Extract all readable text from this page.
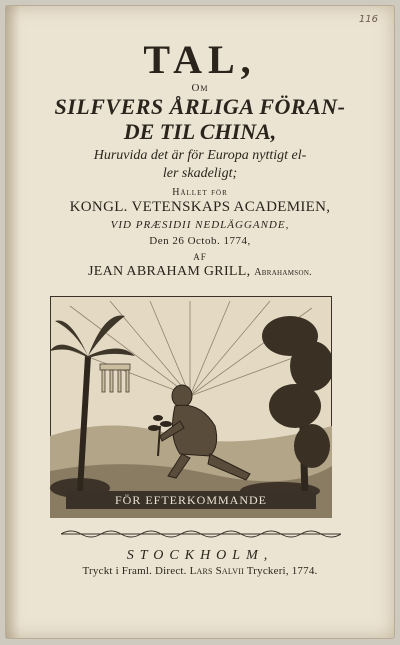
116
TAL,
Om
SILFVERS ÅRLIGA FÖRAN-
DE TIL CHINA,
Huruvida det är för Europa nyttigt el-
ler skadeligt;
Hållet för
KONGL. VETENSKAPS ACADEMIEN,
VID PRÆSIDII NEDLÄGGANDE,
Den 26 Octob. 1774,
AF
JEAN ABRAHAM GRILL, Abrahamson.
FÖR EFTERKOMMANDE
STOCKHOLM,
Tryckt i Framl. Direct. Lars Salvii Tryckeri, 1774.
